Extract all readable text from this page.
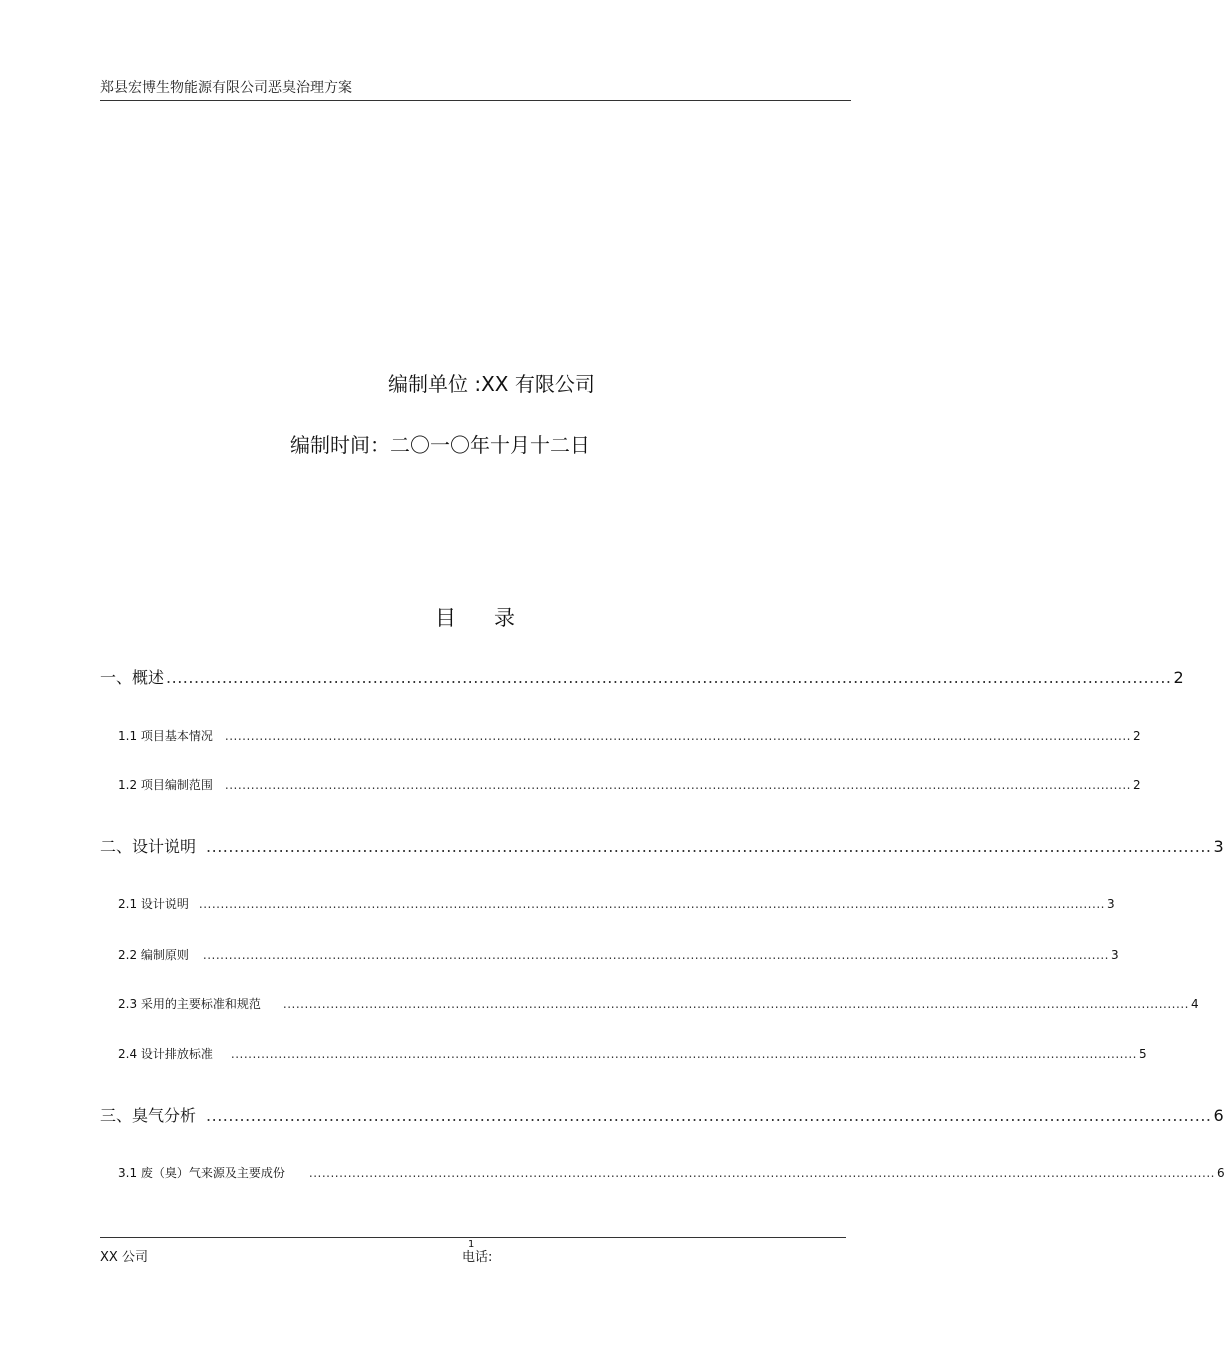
郑县宏博生物能源有限公司恶臭治理方案
编制单位 :XX 有限公司
编制时间：二〇一〇年十月十二日
目录
一、概述 .................................................................................................................................................................................... 2
1.1 项目基本情况 .................................................................................................................................................................................................................. 2
1.2 项目编制范围 .................................................................................................................................................................................................................. 2
二、设计说明 .................................................................................................................................................................................... 3
2.1 设计说明 .................................................................................................................................................................................................................. 3
2.2 编制原则 .................................................................................................................................................................................................................. 3
2.3 采用的主要标准和规范 .................................................................................................................................................................................................................. 4
2.4 设计排放标准 .................................................................................................................................................................................................................. 5
三、臭气分析 .................................................................................................................................................................................... 6
3.1 废（臭）气来源及主要成份 .................................................................................................................................................................................................................. 6
XX 公司	电话:
1
